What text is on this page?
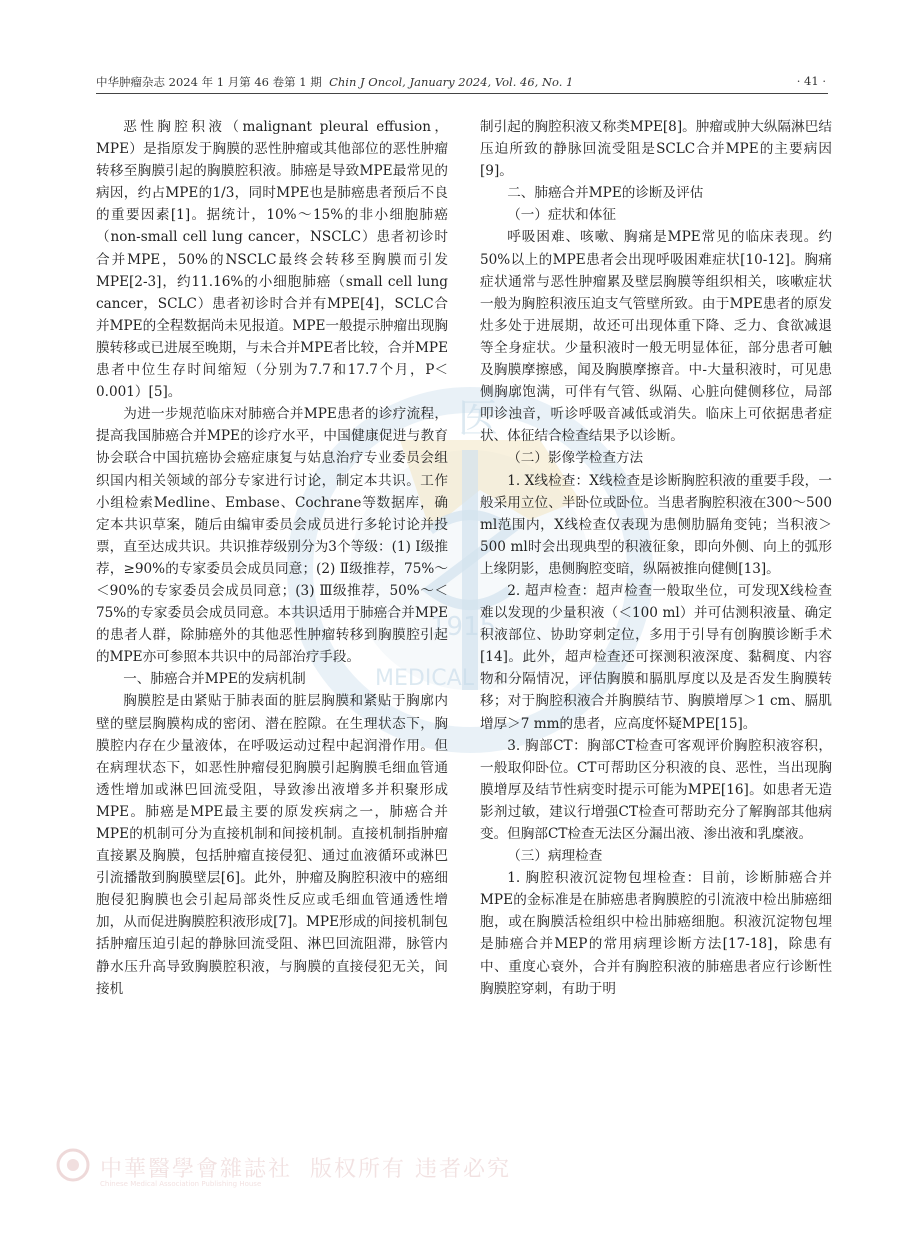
医
1915
MEDICAL
中华肿瘤杂志 2024 年 1 月第 46 卷第 1 期 Chin J Oncol, January 2024, Vol. 46, No. 1	· 41 ·

恶性胸腔积液（malignant pleural effusion，MPE）是指原发于胸膜的恶性肿瘤或其他部位的恶性肿瘤转移至胸膜引起的胸膜腔积液。肺癌是导致MPE最常见的病因，约占MPE的1/3，同时MPE也是肺癌患者预后不良的重要因素[1]。据统计，10%～15%的非小细胞肺癌（non-small cell lung cancer，NSCLC）患者初诊时合并MPE，50%的NSCLC最终会转移至胸膜而引发MPE[2-3]，约11.16%的小细胞肺癌（small cell lung cancer，SCLC）患者初诊时合并有MPE[4]，SCLC合并MPE的全程数据尚未见报道。MPE一般提示肿瘤出现胸膜转移或已进展至晚期，与未合并MPE者比较，合并MPE患者中位生存时间缩短（分别为7.7和17.7个月，P＜0.001）[5]。

为进一步规范临床对肺癌合并MPE患者的诊疗流程，提高我国肺癌合并MPE的诊疗水平，中国健康促进与教育协会联合中国抗癌协会癌症康复与姑息治疗专业委员会组织国内相关领域的部分专家进行讨论，制定本共识。工作小组检索Medline、Embase、Cochrane等数据库，确定本共识草案，随后由编审委员会成员进行多轮讨论并投票，直至达成共识。共识推荐级别分为3个等级：(1) Ⅰ级推荐，≥90%的专家委员会成员同意；(2) Ⅱ级推荐，75%～＜90%的专家委员会成员同意；(3) Ⅲ级推荐，50%～＜75%的专家委员会成员同意。本共识适用于肺癌合并MPE的患者人群，除肺癌外的其他恶性肿瘤转移到胸膜腔引起的MPE亦可参照本共识中的局部治疗手段。

一、肺癌合并MPE的发病机制

胸膜腔是由紧贴于肺表面的脏层胸膜和紧贴于胸廓内壁的壁层胸膜构成的密闭、潜在腔隙。在生理状态下，胸膜腔内存在少量液体，在呼吸运动过程中起润滑作用。但在病理状态下，如恶性肿瘤侵犯胸膜引起胸膜毛细血管通透性增加或淋巴回流受阻，导致渗出液增多并积聚形成MPE。肺癌是MPE最主要的原发疾病之一，肺癌合并MPE的机制可分为直接机制和间接机制。直接机制指肿瘤直接累及胸膜，包括肿瘤直接侵犯、通过血液循环或淋巴引流播散到胸膜壁层[6]。此外，肿瘤及胸腔积液中的癌细胞侵犯胸膜也会引起局部炎性反应或毛细血管通透性增加，从而促进胸膜腔积液形成[7]。MPE形成的间接机制包括肿瘤压迫引起的静脉回流受阻、淋巴回流阻滞，脉管内静水压升高导致胸膜腔积液，与胸膜的直接侵犯无关，间接机

制引起的胸腔积液又称类MPE[8]。肿瘤或肿大纵隔淋巴结压迫所致的静脉回流受阻是SCLC合并MPE的主要病因[9]。

二、肺癌合并MPE的诊断及评估

（一）症状和体征

呼吸困难、咳嗽、胸痛是MPE常见的临床表现。约50%以上的MPE患者会出现呼吸困难症状[10-12]。胸痛症状通常与恶性肿瘤累及壁层胸膜等组织相关，咳嗽症状一般为胸腔积液压迫支气管壁所致。由于MPE患者的原发灶多处于进展期，故还可出现体重下降、乏力、食欲减退等全身症状。少量积液时一般无明显体征，部分患者可触及胸膜摩擦感，闻及胸膜摩擦音。中-大量积液时，可见患侧胸廓饱满，可伴有气管、纵隔、心脏向健侧移位，局部叩诊浊音，听诊呼吸音减低或消失。临床上可依据患者症状、体征结合检查结果予以诊断。

（二）影像学检查方法

1. X线检查：X线检查是诊断胸腔积液的重要手段，一般采用立位、半卧位或卧位。当患者胸腔积液在300～500 ml范围内，X线检查仅表现为患侧肋膈角变钝；当积液＞500 ml时会出现典型的积液征象，即向外侧、向上的弧形上缘阴影，患侧胸腔变暗，纵隔被推向健侧[13]。

2. 超声检查：超声检查一般取坐位，可发现X线检查难以发现的少量积液（＜100 ml）并可估测积液量、确定积液部位、协助穿刺定位，多用于引导有创胸膜诊断手术[14]。此外，超声检查还可探测积液深度、黏稠度、内容物和分隔情况，评估胸膜和膈肌厚度以及是否发生胸膜转移；对于胸腔积液合并胸膜结节、胸膜增厚＞1 cm、膈肌增厚＞7 mm的患者，应高度怀疑MPE[15]。

3. 胸部CT：胸部CT检查可客观评价胸腔积液容积，一般取仰卧位。CT可帮助区分积液的良、恶性，当出现胸膜增厚及结节性病变时提示可能为MPE[16]。如患者无造影剂过敏，建议行增强CT检查可帮助充分了解胸部其他病变。但胸部CT检查无法区分漏出液、渗出液和乳糜液。

（三）病理检查

1. 胸腔积液沉淀物包埋检查：目前，诊断肺癌合并MPE的金标准是在肺癌患者胸膜腔的引流液中检出肺癌细胞，或在胸膜活检组织中检出肺癌细胞。积液沉淀物包埋是肺癌合并MEP的常用病理诊断方法[17-18]，除患有中、重度心衰外，合并有胸腔积液的肺癌患者应行诊断性胸膜腔穿刺，有助于明

中華醫學會雜誌社 版权所有 违者必究
Chinese Medical Association Publishing House
